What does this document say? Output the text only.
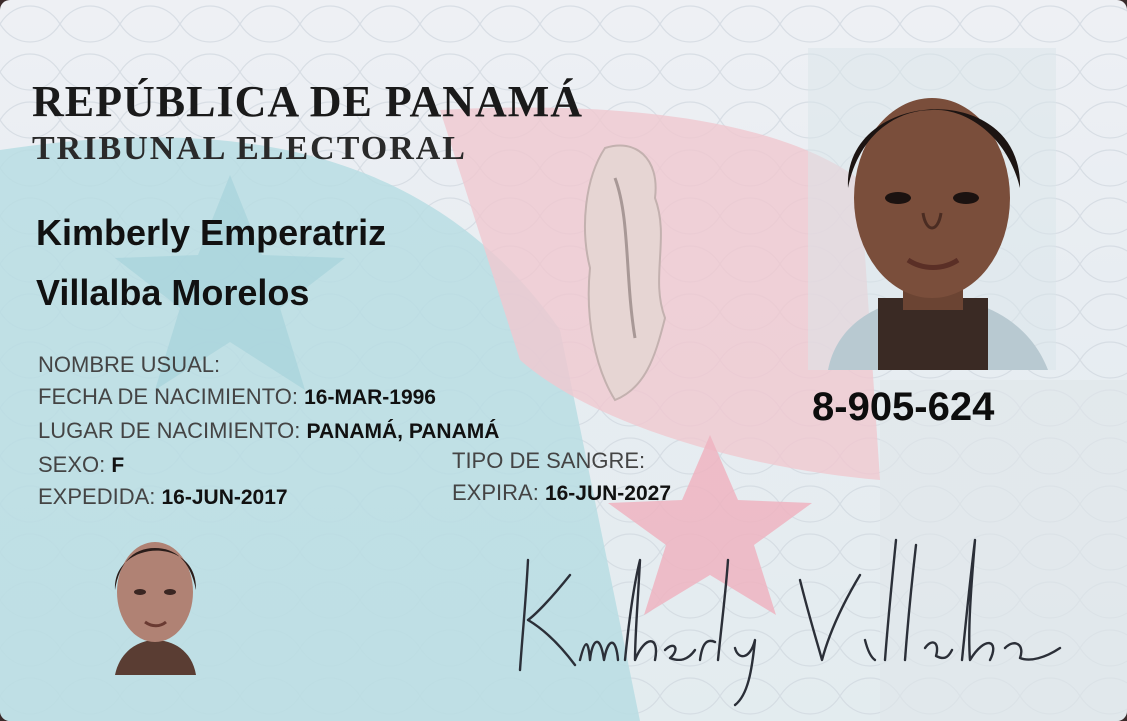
REPÚBLICA DE PANAMÁ
TRIBUNAL ELECTORAL
Kimberly Emperatriz
Villalba Morelos
NOMBRE USUAL:
FECHA DE NACIMIENTO: 16-MAR-1996
LUGAR DE NACIMIENTO: PANAMÁ, PANAMÁ
SEXO: F	TIPO DE SANGRE:
EXPEDIDA: 16-JUN-2017	EXPIRA: 16-JUN-2027
8-905-624
